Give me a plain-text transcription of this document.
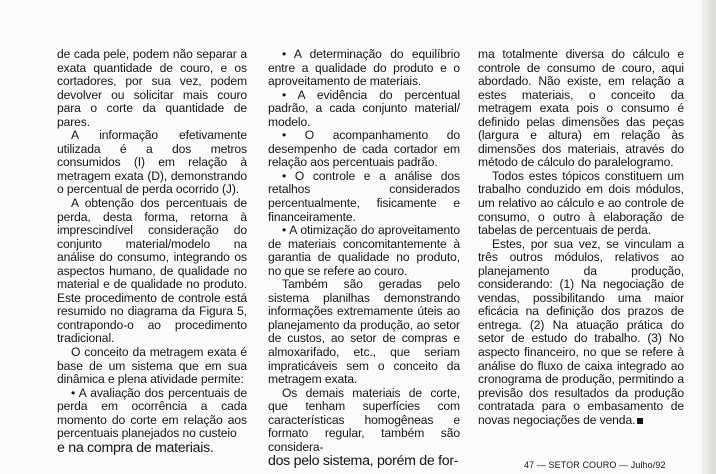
de cada pele, podem não separar a exata quantidade de couro, e os cortadores, por sua vez, podem devolver ou solicitar mais couro para o corte da quantidade de pares.

A informação efetivamente utilizada é a dos metros consumidos (I) em relação à metragem exata (D), demonstrando o percentual de perda ocorrido (J).

A obtenção dos percentuais de perda, desta forma, retorna à imprescindível consideração do conjunto material/modelo na análise do consumo, integrando os aspectos humano, de qualidade no material e de qualidade no produto. Este procedimento de controle está resumido no diagrama da Figura 5, contrapondo-o ao procedimento tradicional.

O conceito da metragem exata é base de um sistema que em sua dinâmica e plena atividade permite:

• A avaliação dos percentuais de perda em ocorrência a cada momento do corte em relação aos percentuais planejados no custeio

e na compra de materiais.

• A determinação do equilíbrio entre a qualidade do produto e o aproveitamento de materiais.

• A evidência do percentual padrão, a cada conjunto material/ modelo.

• O acompanhamento do desempenho de cada cortador em relação aos percentuais padrão.

• O controle e a análise dos retalhos considerados percentualmente, fisicamente e financeiramente.

• A otimização do aproveitamento de materiais concomitantemente à garantia de qualidade no produto, no que se refere ao couro.

Também são geradas pelo sistema planilhas demonstrando informações extremamente úteis ao planejamento da produção, ao setor de custos, ao setor de compras e almoxarifado, etc., que seriam impraticáveis sem o conceito da metragem exata.

Os demais materiais de corte, que tenham superfícies com características homogêneas e formato regular, também são considera-

dos pelo sistema, porém de for-

ma totalmente diversa do cálculo e controle de consumo de couro, aqui abordado. Não existe, em relação a estes materiais, o conceito da metragem exata pois o consumo é definido pelas dimensões das peças (largura e altura) em relação às dimensões dos materiais, através do método de cálculo do paralelogramo.

Todos estes tópicos constituem um trabalho conduzido em dois módulos, um relativo ao cálculo e ao controle de consumo, o outro à elaboração de tabelas de percentuais de perda.

Estes, por sua vez, se vinculam a três outros módulos, relativos ao planejamento da produção, considerando: (1) Na negociação de vendas, possibilitando uma maior eficácia na definição dos prazos de entrega. (2) Na atuação prática do setor de estudo do trabalho. (3) No aspecto financeiro, no que se refere à análise do fluxo de caixa integrado ao cronograma de produção, permitindo a previsão dos resultados da produção contratada para o embasamento de novas negociações de venda.

47 — SETOR COURO — Julho/92
